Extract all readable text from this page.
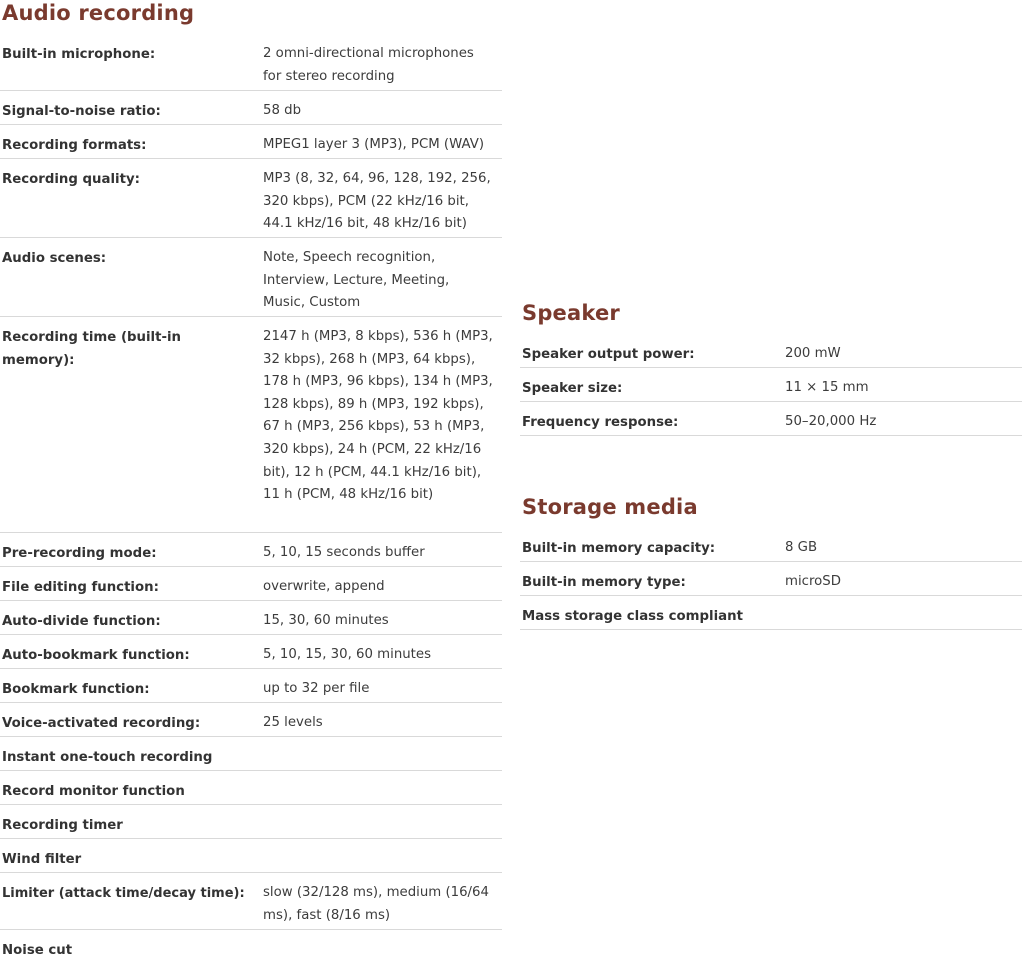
Audio recording
Built-in microphone:	2 omni-directional microphones for stereo recording
Signal-to-noise ratio:	58 db
Recording formats:	MPEG1 layer 3 (MP3), PCM (WAV)
Recording quality:	MP3 (8, 32, 64, 96, 128, 192, 256, 320 kbps), PCM (22 kHz/16 bit, 44.1 kHz/16 bit, 48 kHz/16 bit)
Audio scenes:	Note, Speech recognition, Interview, Lecture, Meeting, Music, Custom
Recording time (built-in memory):
2147 h (MP3, 8 kbps), 536 h (MP3, 32 kbps), 268 h (MP3, 64 kbps), 178 h (MP3, 96 kbps), 134 h (MP3, 128 kbps), 89 h (MP3, 192 kbps), 67 h (MP3, 256 kbps), 53 h (MP3, 320 kbps), 24 h (PCM, 22 kHz/16 bit), 12 h (PCM, 44.1 kHz/16 bit), 11 h (PCM, 48 kHz/16 bit)
Pre-recording mode:	5, 10, 15 seconds buffer
File editing function:	overwrite, append
Auto-divide function:	15, 30, 60 minutes
Auto-bookmark function:	5, 10, 15, 30, 60 minutes
Bookmark function:	up to 32 per file
Voice-activated recording:	25 levels
Instant one-touch recording
Record monitor function
Recording timer
Wind filter
Limiter (attack time/decay time):	slow (32/128 ms), medium (16/64 ms), fast (8/16 ms)
Noise cut
Speaker
Speaker output power:	200 mW
Speaker size:	11 × 15 mm
Frequency response:	50–20,000 Hz
Storage media
Built-in memory capacity:	8 GB
Built-in memory type:	microSD
Mass storage class compliant
